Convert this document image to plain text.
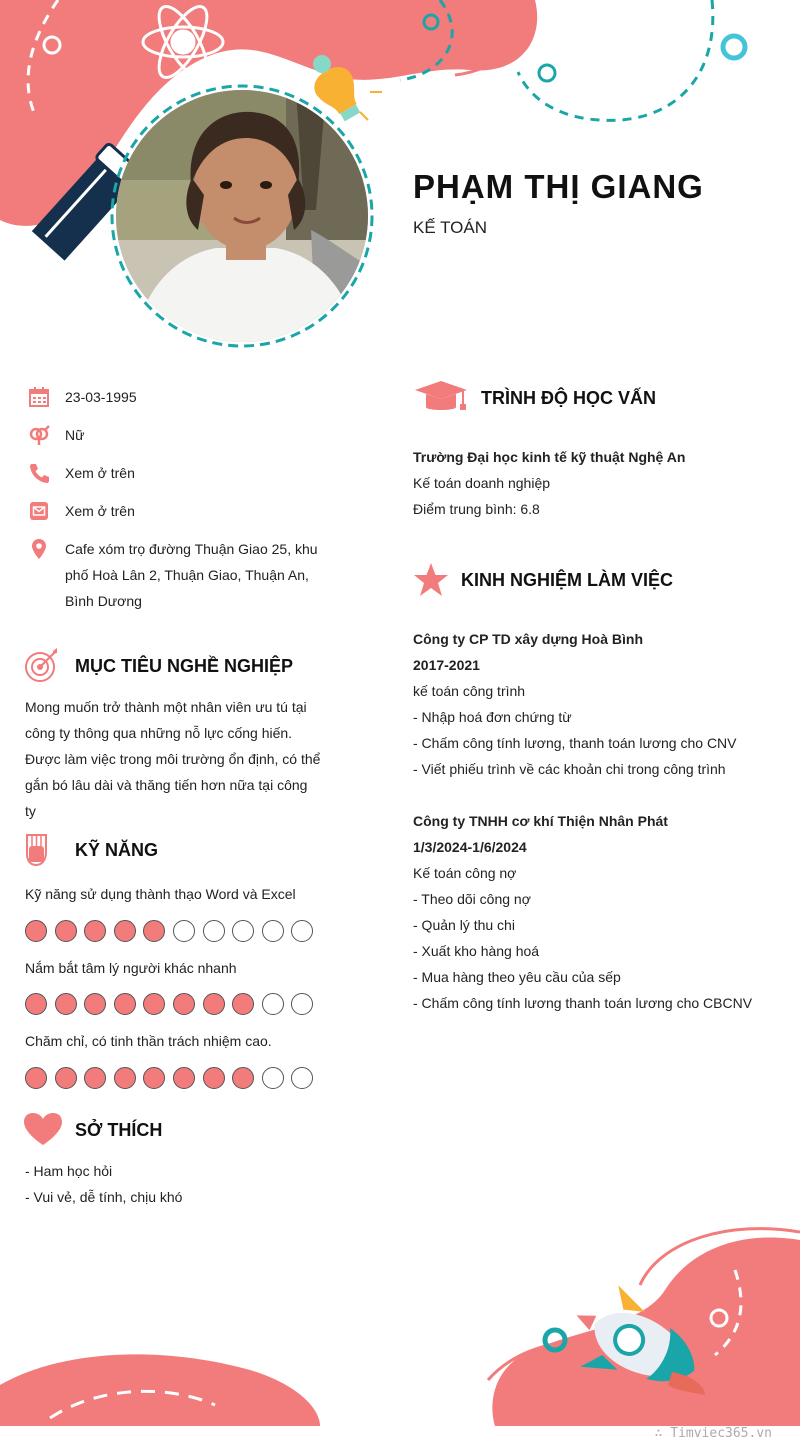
PHẠM THỊ GIANG
KẾ TOÁN
23-03-1995
Nữ
Xem ở trên
Xem ở trên
Cafe xóm trọ đường Thuận Giao 25, khu
phố Hoà Lân 2, Thuận Giao, Thuận An,
Bình Dương
MỤC TIÊU NGHỀ NGHIỆP
Mong muốn trở thành một nhân viên ưu tú tại
công ty thông qua những nỗ lực cống hiến.
Được làm việc trong môi trường ổn định, có thể
gắn bó lâu dài và thăng tiến hơn nữa tại công
ty
KỸ NĂNG
Kỹ năng sử dụng thành thạo Word và Excel
Nắm bắt tâm lý người khác nhanh
Chăm chỉ, có tinh thần trách nhiệm cao.
SỞ THÍCH
- Ham học hỏi
- Vui vẻ, dễ tính, chịu khó
TRÌNH ĐỘ HỌC VẤN
Trường Đại học kinh tế kỹ thuật Nghệ An
Kế toán doanh nghiệp
Điểm trung bình: 6.8
KINH NGHIỆM LÀM VIỆC
Công ty CP TD xây dựng Hoà Bình
2017-2021
kế toán công trình
- Nhập hoá đơn chứng từ
- Chấm công tính lương, thanh toán lương cho CNV
- Viết phiếu trình về các khoản chi trong công trình
Công ty TNHH cơ khí Thiện Nhân Phát
1/3/2024-1/6/2024
Kế toán công nợ
- Theo dõi công nợ
- Quản lý thu chi
- Xuất kho hàng hoá
- Mua hàng theo yêu cầu của sếp
- Chấm công tính lương thanh toán lương cho CBCNV
∴ Timviec365.vn
